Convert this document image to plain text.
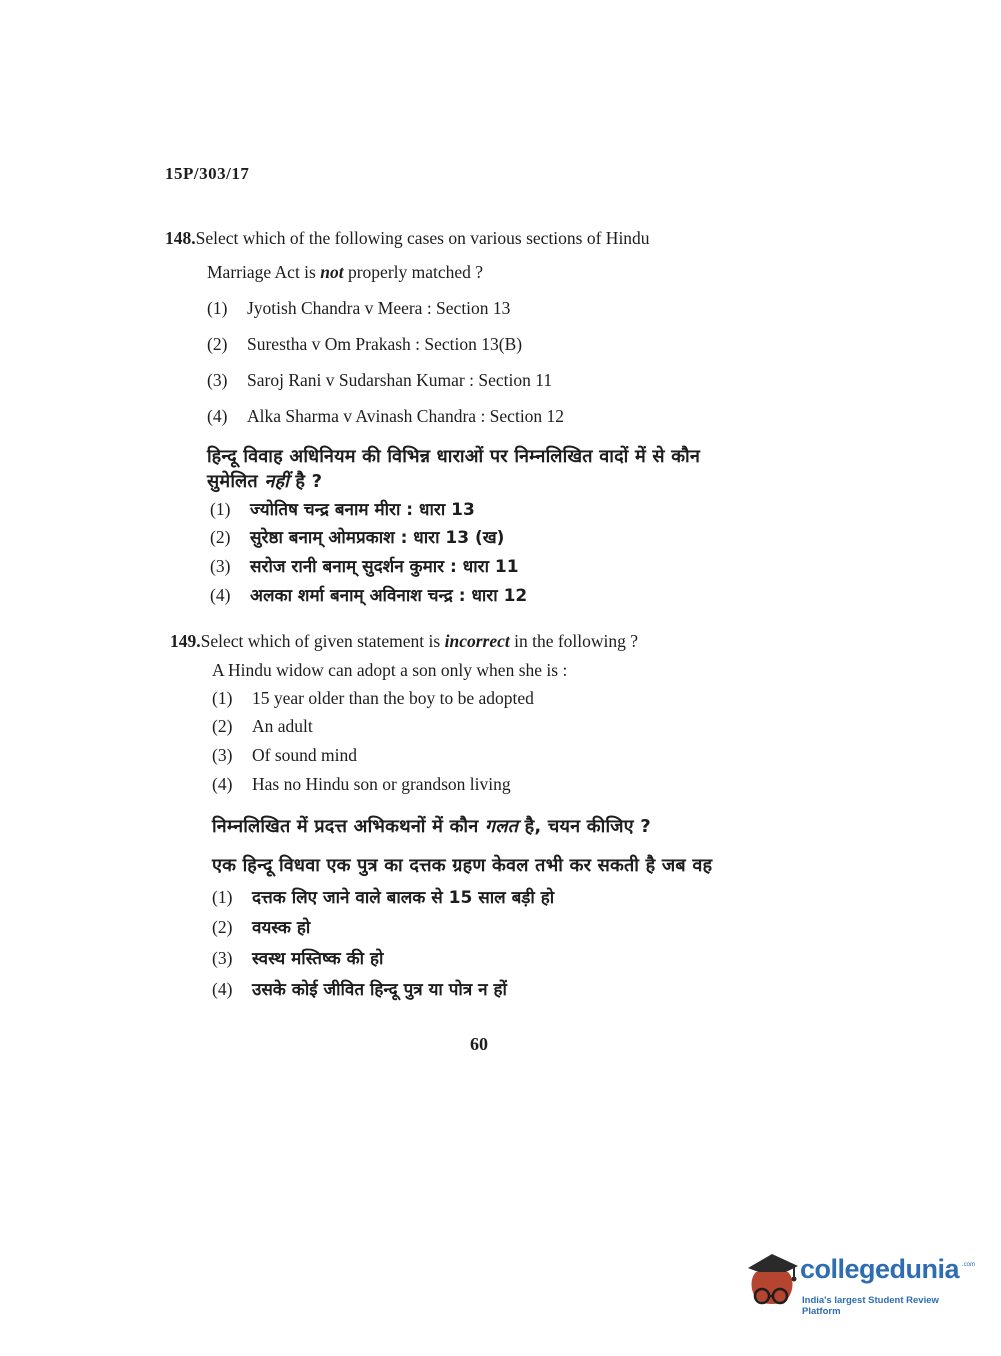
15P/303/17
148.Select which of the following cases on various sections of Hindu
Marriage Act is not properly matched ?
(1) Jyotish Chandra v Meera : Section 13
(2) Surestha v Om Prakash : Section 13(B)
(3) Saroj Rani v Sudarshan Kumar : Section 11
(4) Alka Sharma v Avinash Chandra : Section 12
हिन्दू विवाह अधिनियम की विभिन्न धाराओं पर निम्नलिखित वादों में से कौन
सुमेलित नहीं है ?
(1) ज्योतिष चन्द्र बनाम मीरा : धारा 13
(2) सुरेष्ठा बनाम् ओमप्रकाश : धारा 13 (ख)
(3) सरोज रानी बनाम् सुदर्शन कुमार : धारा 11
(4) अलका शर्मा बनाम् अविनाश चन्द्र : धारा 12
149.Select which of given statement is incorrect in the following ?
A Hindu widow can adopt a son only when she is :
(1) 15 year older than the boy to be adopted
(2) An adult
(3) Of sound mind
(4) Has no Hindu son or grandson living
निम्नलिखित में प्रदत्त अभिकथनों में कौन गलत है, चयन कीजिए ?
एक हिन्दू विधवा एक पुत्र का दत्तक ग्रहण केवल तभी कर सकती है जब वह
(1) दत्तक लिए जाने वाले बालक से 15 साल बड़ी हो
(2) वयस्क हो
(3) स्वस्थ मस्तिष्क की हो
(4) उसके कोई जीवित हिन्दू पुत्र या पोत्र न हों
60
collegedunia .com
India's largest Student Review Platform
